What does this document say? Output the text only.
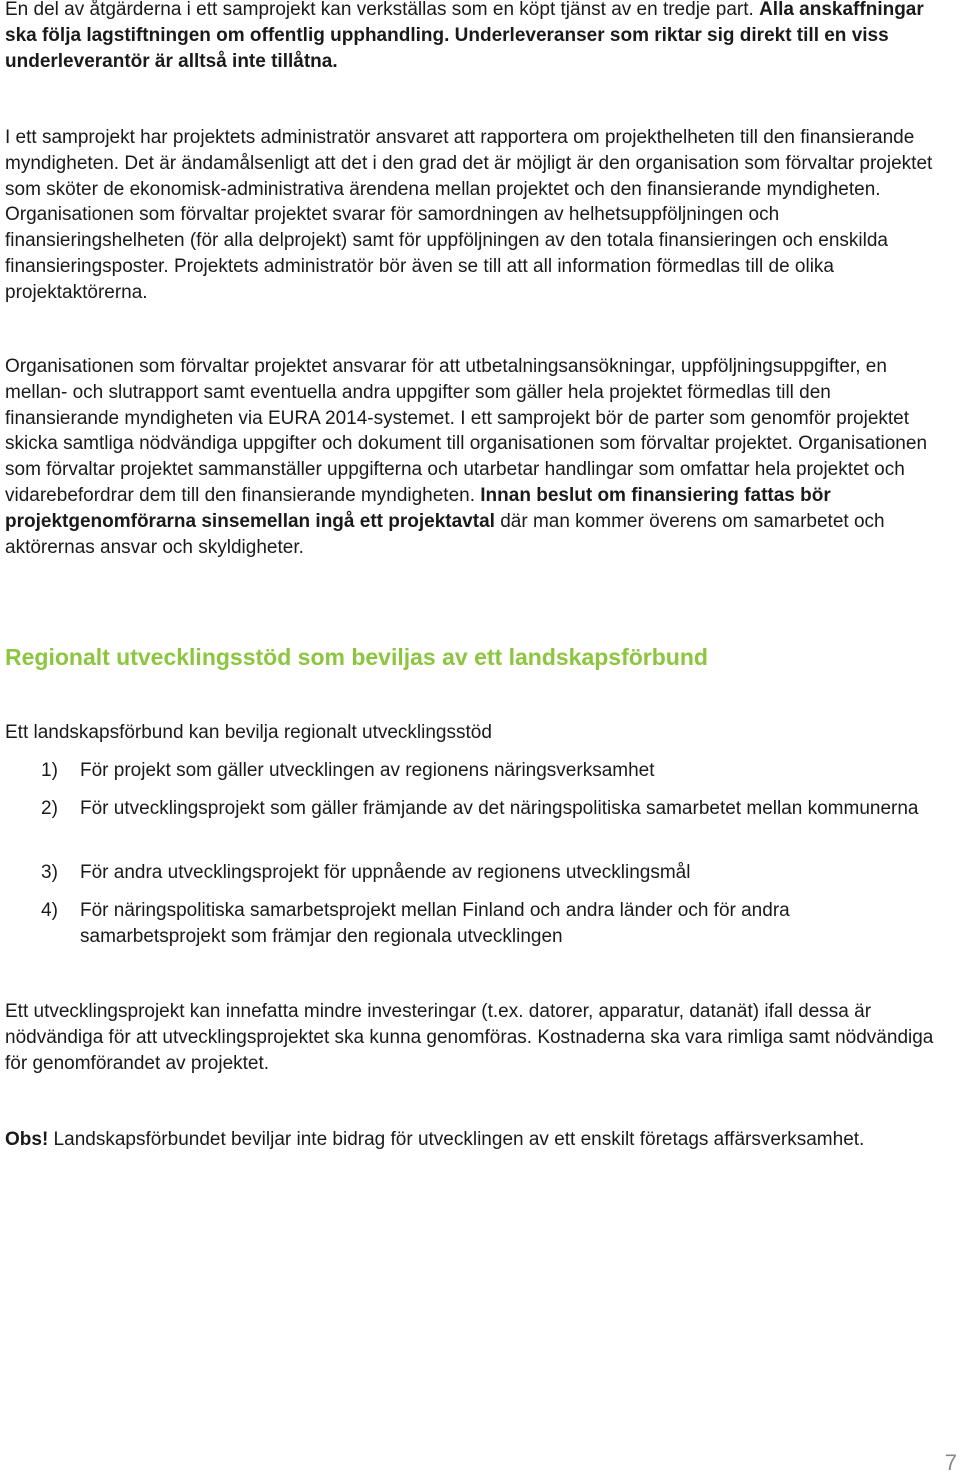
En del av åtgärderna i ett samprojekt kan verkställas som en köpt tjänst av en tredje part. Alla anskaffningar ska följa lagstiftningen om offentlig upphandling. Underleveranser som riktar sig direkt till en viss underleverantör är alltså inte tillåtna.

I ett samprojekt har projektets administratör ansvaret att rapportera om projekthelheten till den finansierande myndigheten. Det är ändamålsenligt att det i den grad det är möjligt är den organisation som förvaltar projektet som sköter de ekonomisk-administrativa ärendena mellan projektet och den finansierande myndigheten. Organisationen som förvaltar projektet svarar för samordningen av helhetsuppföljningen och finansieringshelheten (för alla delprojekt) samt för uppföljningen av den totala finansieringen och enskilda finansieringsposter. Projektets administratör bör även se till att all information förmedlas till de olika projektaktörerna.

Organisationen som förvaltar projektet ansvarar för att utbetalningsansökningar, uppföljningsuppgifter, en mellan- och slutrapport samt eventuella andra uppgifter som gäller hela projektet förmedlas till den finansierande myndigheten via EURA 2014-systemet. I ett samprojekt bör de parter som genomför projektet skicka samtliga nödvändiga uppgifter och dokument till organisationen som förvaltar projektet. Organisationen som förvaltar projektet sammanställer uppgifterna och utarbetar handlingar som omfattar hela projektet och vidarebefordrar dem till den finansierande myndigheten. Innan beslut om finansiering fattas bör projektgenomförarna sinsemellan ingå ett projektavtal där man kommer överens om samarbetet och aktörernas ansvar och skyldigheter.

Regionalt utvecklingsstöd som beviljas av ett landskapsförbund

Ett landskapsförbund kan bevilja regionalt utvecklingsstöd

1) För projekt som gäller utvecklingen av regionens näringsverksamhet
2) För utvecklingsprojekt som gäller främjande av det näringspolitiska samarbetet mellan kommunerna
3) För andra utvecklingsprojekt för uppnående av regionens utvecklingsmål
4) För näringspolitiska samarbetsprojekt mellan Finland och andra länder och för andra samarbetsprojekt som främjar den regionala utvecklingen

Ett utvecklingsprojekt kan innefatta mindre investeringar (t.ex. datorer, apparatur, datanät) ifall dessa är nödvändiga för att utvecklingsprojektet ska kunna genomföras. Kostnaderna ska vara rimliga samt nödvändiga för genomförandet av projektet.

Obs! Landskapsförbundet beviljar inte bidrag för utvecklingen av ett enskilt företags affärsverksamhet.

7
